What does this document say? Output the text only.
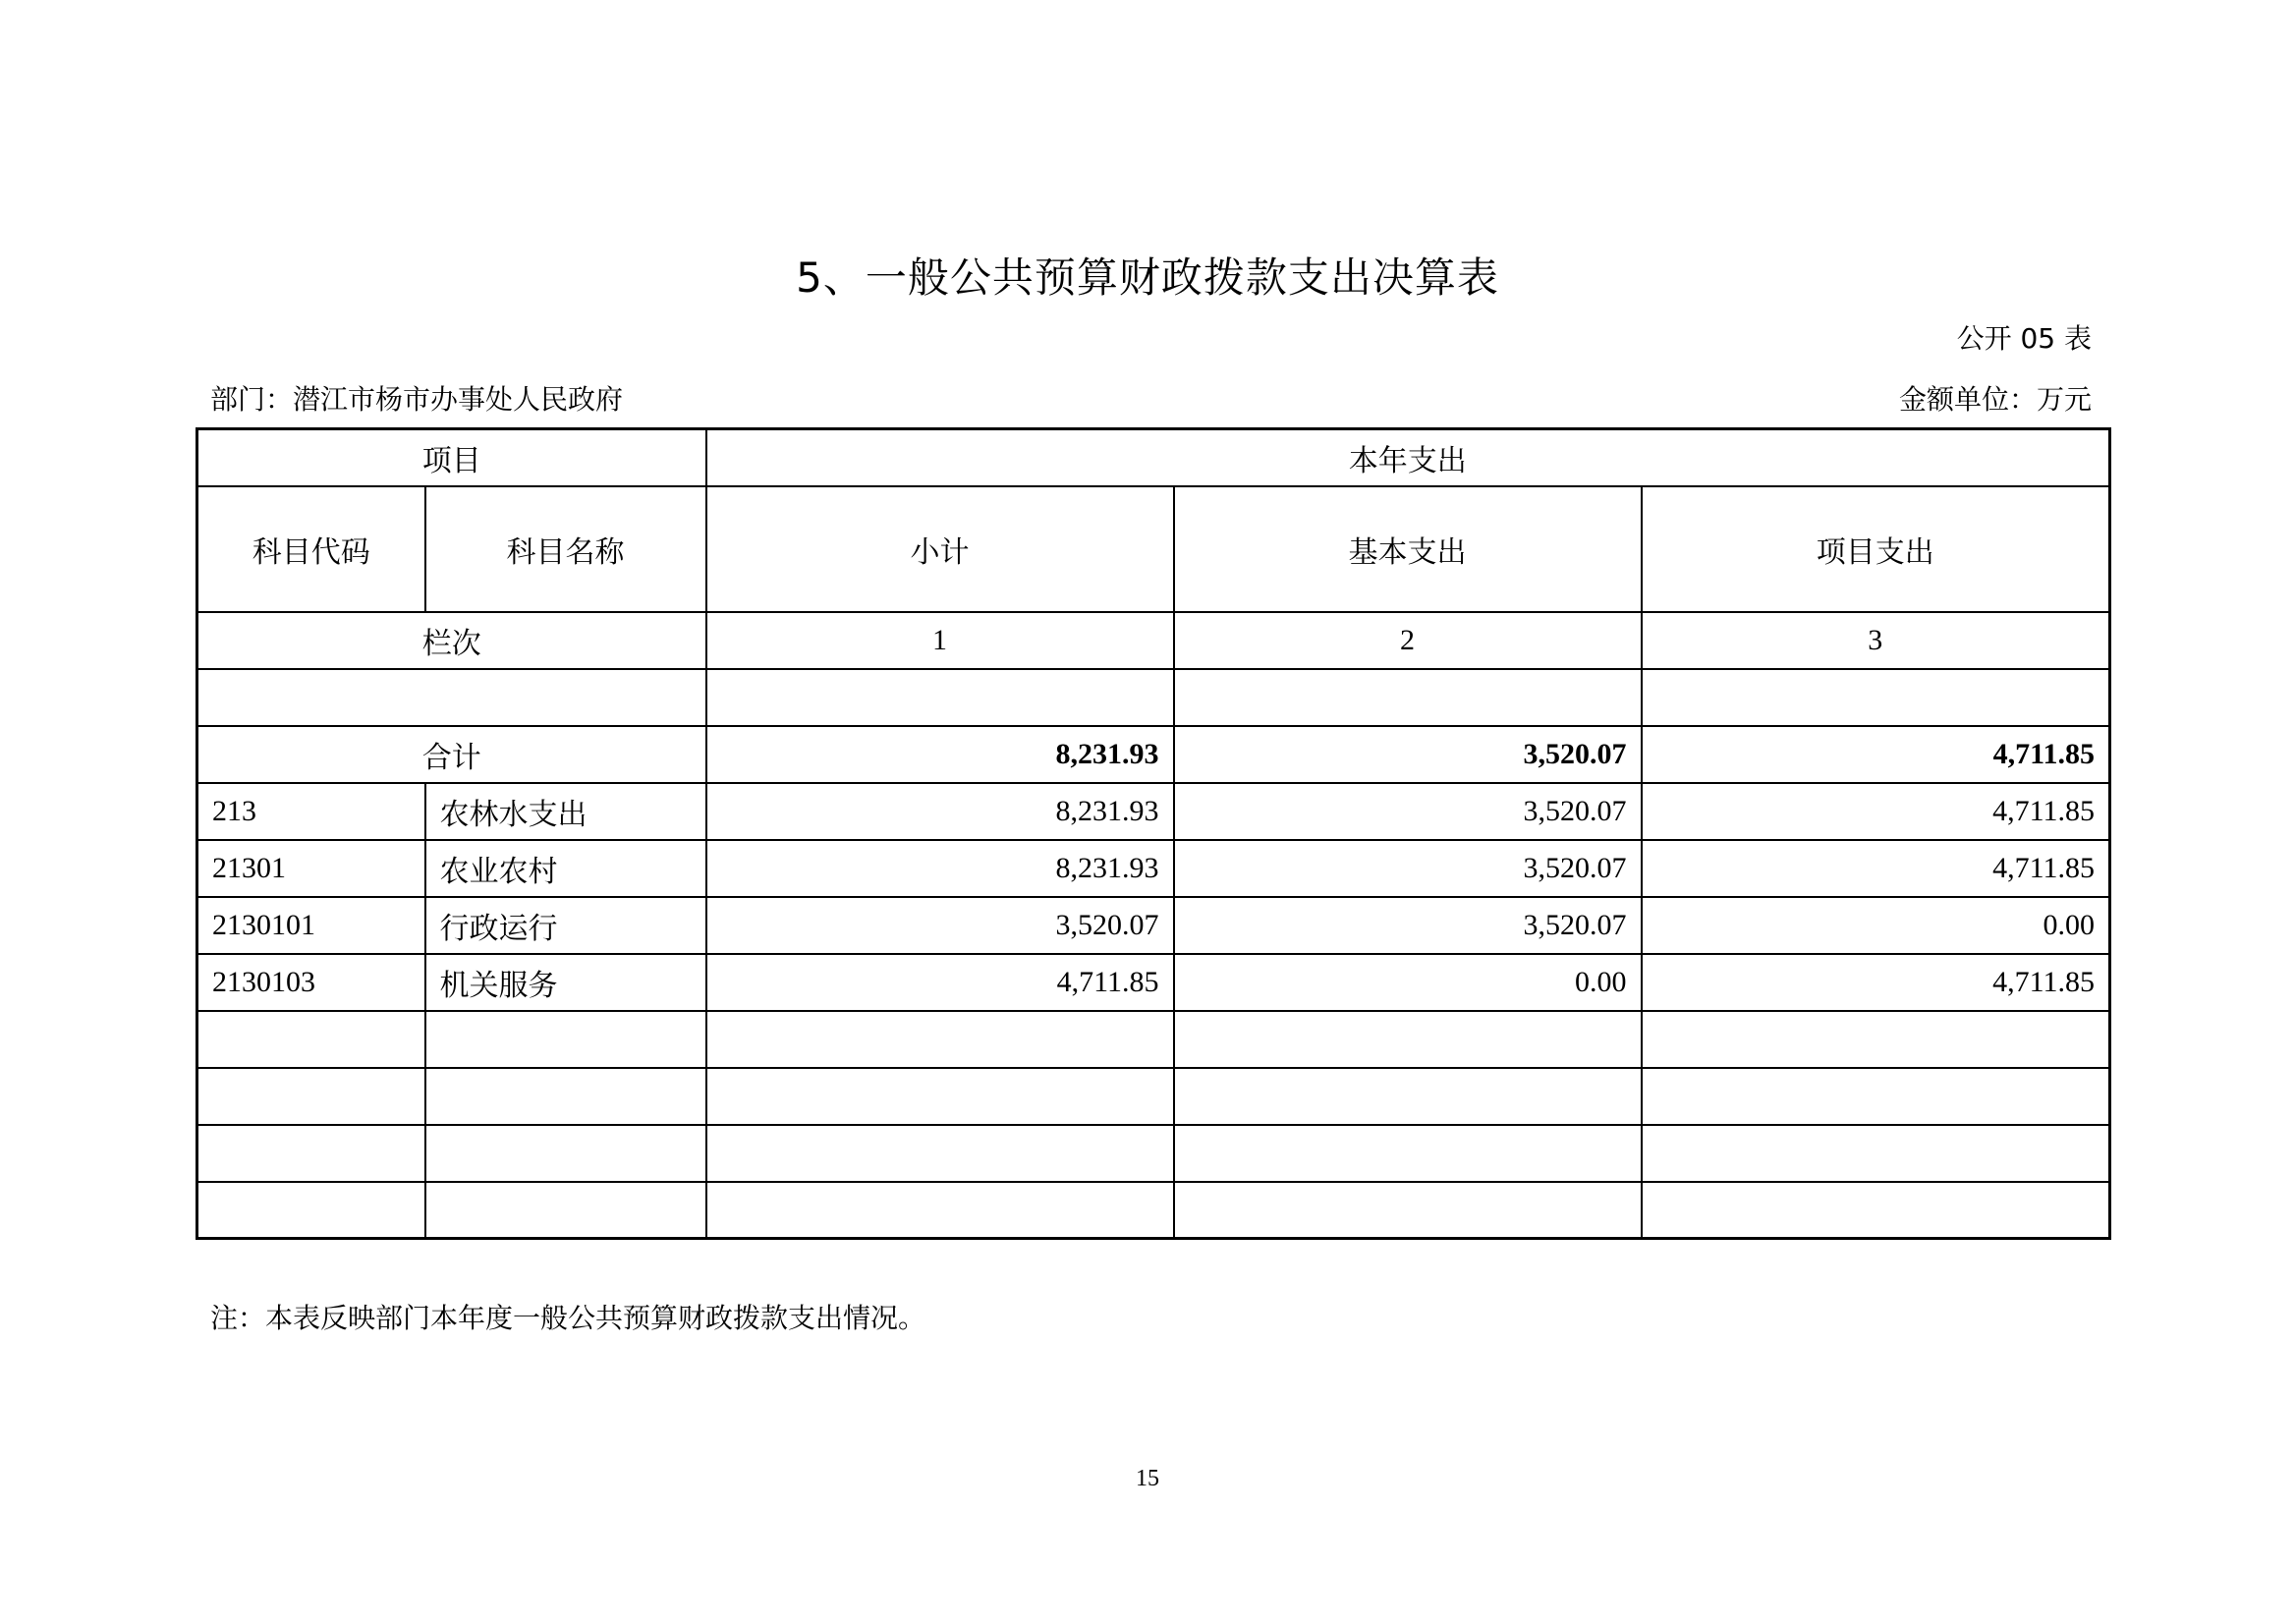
5、一般公共预算财政拨款支出决算表
公开 05 表
部门：潜江市杨市办事处人民政府	金额单位：万元
项目		本年支出		
科目代码	科目名称	小计	基本支出	项目支出
栏次		1	2	3

合计		8,231.93	3,520.07	4,711.85
213	农林水支出	8,231.93	3,520.07	4,711.85
21301	农业农村	8,231.93	3,520.07	4,711.85
2130101	行政运行	3,520.07	3,520.07	0.00
2130103	机关服务	4,711.85	0.00	4,711.85

注：本表反映部门本年度一般公共预算财政拨款支出情况。
15
